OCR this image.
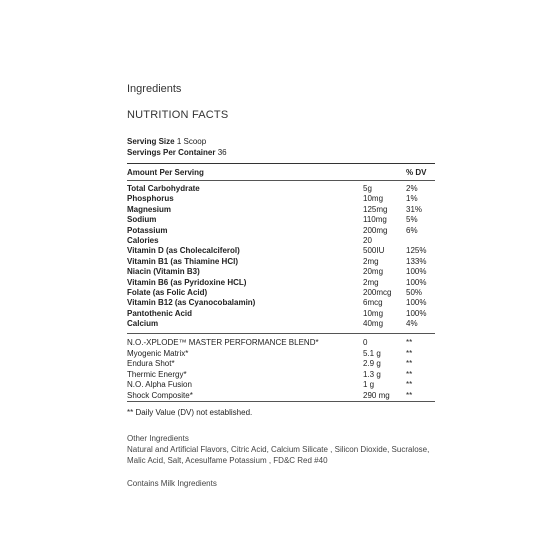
Ingredients
NUTRITION FACTS
Serving Size 1 Scoop
Servings Per Container 36
Amount Per Serving	% DV
Total Carbohydrate	5g	2%
Phosphorus	10mg	1%
Magnesium	125mg 31%
Sodium	110mg 5%
Potassium	200mg 6%
Calories	20
Vitamin D (as Cholecalciferol)	500IU	125%
Vitamin B1 (as Thiamine HCl)	2mg	133%
Niacin (Vitamin B3)	20mg	100%
Vitamin B6 (as Pyridoxine HCL)	2mg	100%
Folate (as Folic Acid)	200mcg 50%
Vitamin B12 (as Cyanocobalamin)	6mcg	100%
Pantothenic Acid	10mg	100%
Calcium	40mg	4%
N.O.-XPLODE™ MASTER PERFORMANCE BLEND*	0	**
Myogenic Matrix*	5.1 g	**
Endura Shot*	2.9 g	**
Thermic Energy*	1.3 g	**
N.O. Alpha Fusion	1 g	**
Shock Composite*	290 mg **
** Daily Value (DV) not established.
Other Ingredients
Natural and Artificial Flavors, Citric Acid, Calcium Silicate , Silicon Dioxide, Sucralose, Malic Acid, Salt, Acesulfame Potassium , FD&C Red #40
Contains Milk Ingredients
